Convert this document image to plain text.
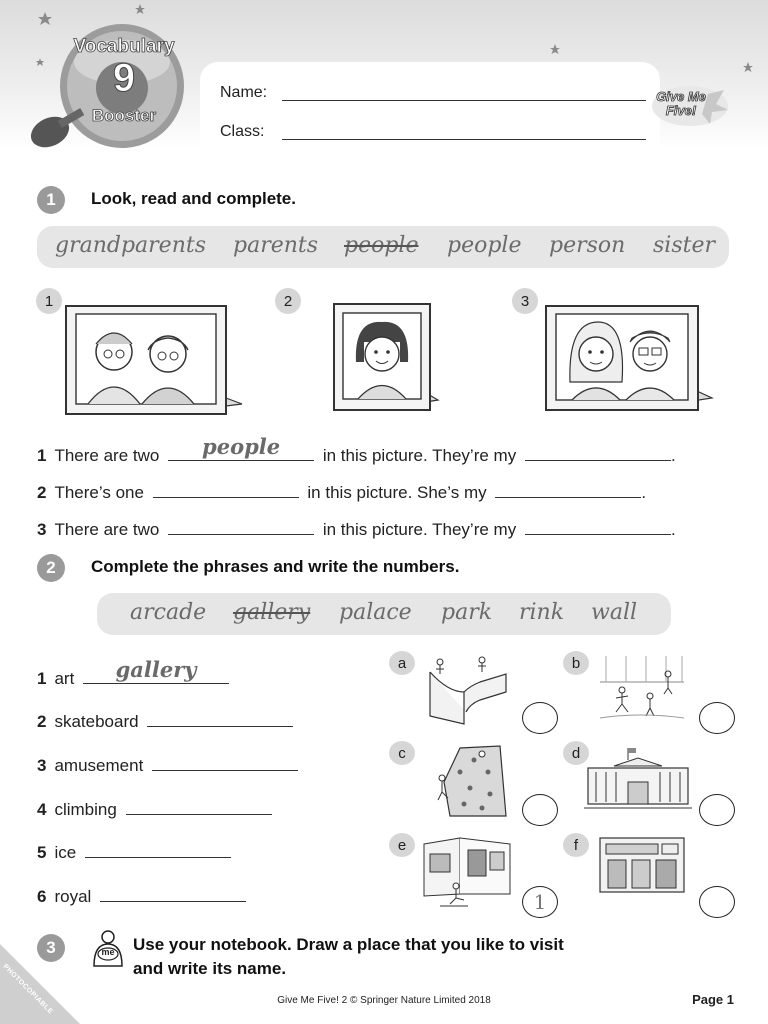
Vocabulary
9
Booster
Name:
Class:
Give Me Five!
1	Look, read and complete.
grandparents parents people people person sister
1	2	3
1 There are two	people	in this picture. They’re my	.
2 There’s one	in this picture. She’s my	.
3 There are two	in this picture. They’re my	.
2	Complete the phrases and write the numbers.
arcade gallery palace park rink wall
1 art	gallery
2 skateboard
3 amusement
4 climbing
5 ice
6 royal
a	b
c	d
e
1
f
3	me	Use your notebook. Draw a place that you like to visit
and write its name.
PHOTOCOPIABLE	Give Me Five! 2 © Springer Nature Limited 2018	Page 1
